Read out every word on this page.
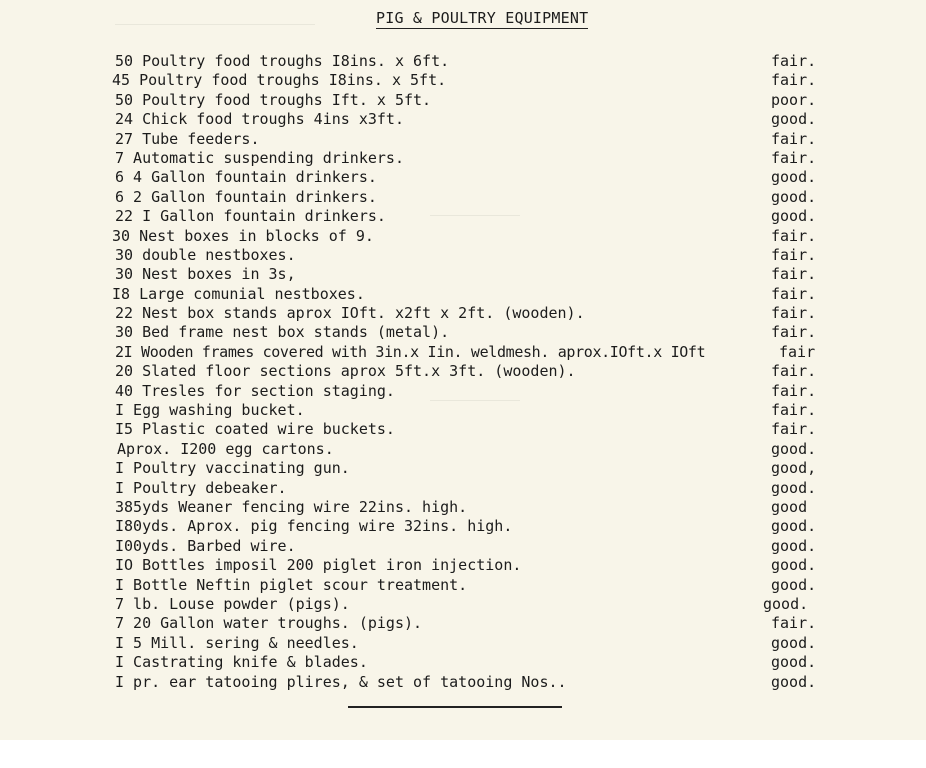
PIG & POULTRY EQUIPMENT
50 Poultry food troughs I8ins. x 6ft.	fair.
45 Poultry food troughs I8ins. x 5ft.	fair.
50 Poultry food troughs Ift. x 5ft.	poor.
24 Chick food troughs 4ins x3ft.	good.
27 Tube feeders.	fair.
7 Automatic suspending drinkers.	fair.
6 4 Gallon fountain drinkers.	good.
6 2 Gallon fountain drinkers.	good.
22 I Gallon fountain drinkers.	good.
30 Nest boxes in blocks of 9.	fair.
30 double nestboxes.	fair.
30 Nest boxes in 3s,	fair.
I8 Large comunial nestboxes.	fair.
22 Nest box stands aprox IOft. x2ft x 2ft. (wooden).	fair.
30 Bed frame nest box stands (metal).	fair.
2I Wooden frames covered with 3in.x Iin. weldmesh. aprox.IOft.x IOft	fair
20 Slated floor sections aprox 5ft.x 3ft. (wooden).	fair.
40 Tresles for section staging.	fair.
I Egg washing bucket.	fair.
I5 Plastic coated wire buckets.	fair.
Aprox. I200 egg cartons.	good.
I Poultry vaccinating gun.	good,
I Poultry debeaker.	good.
385yds Weaner fencing wire 22ins. high.	good
I80yds. Aprox. pig fencing wire 32ins. high.	good.
I00yds. Barbed wire.	good.
IO Bottles imposil 200 piglet iron injection.	good.
I Bottle Neftin piglet scour treatment.	good.
7 lb. Louse powder (pigs).	good.
7 20 Gallon water troughs. (pigs).	fair.
I 5 Mill. sering & needles.	good.
I Castrating knife & blades.	good.
I pr. ear tatooing plires, & set of tatooing Nos..	good.
